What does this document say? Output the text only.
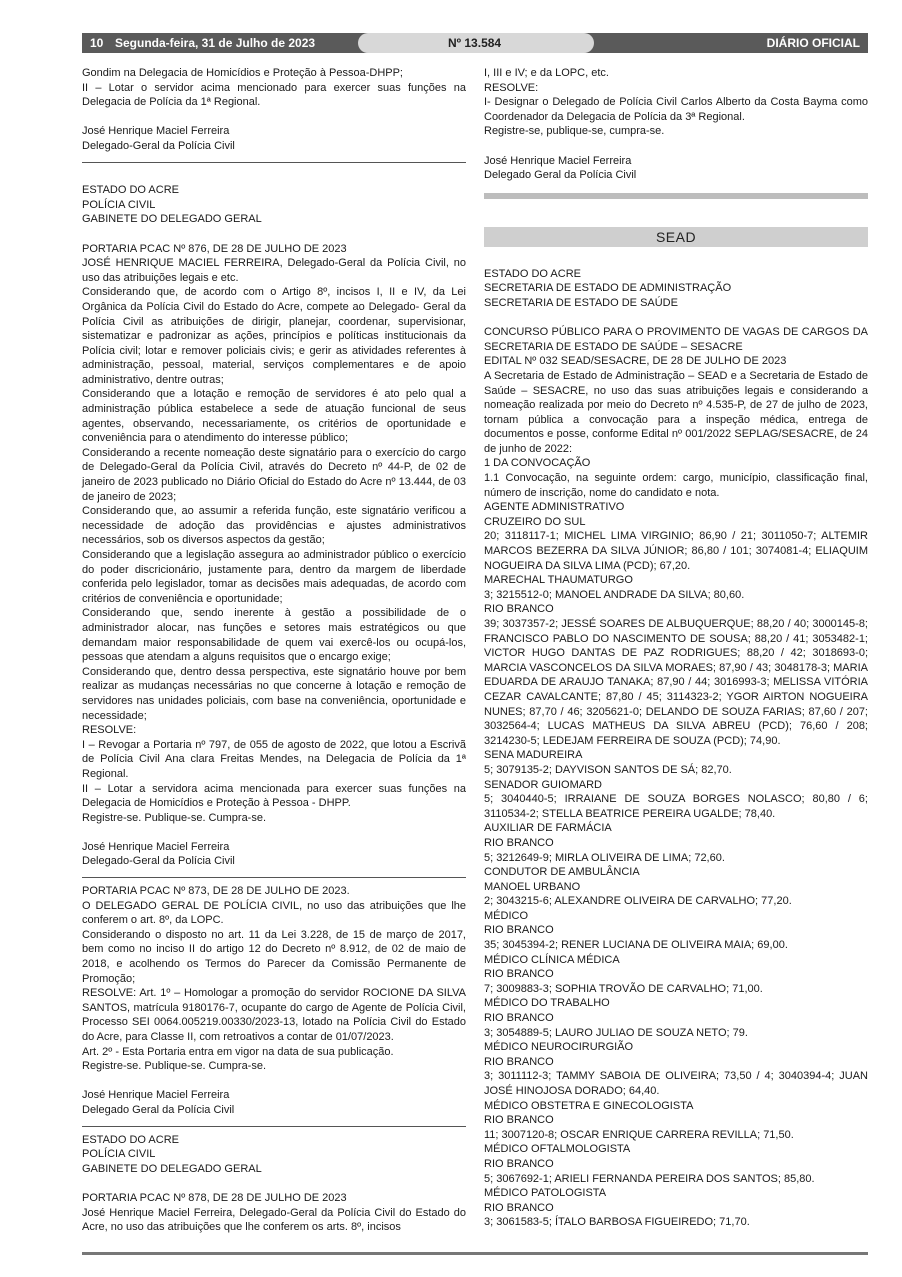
10 Segunda-feira, 31 de Julho de 2023	Nº 13.584	DIÁRIO OFICIAL

Gondim na Delegacia de Homicídios e Proteção à Pessoa-DHPP;

II – Lotar o servidor acima mencionado para exercer suas funções na Delegacia de Polícia da 1ª Regional.

José Henrique Maciel Ferreira

Delegado-Geral da Polícia Civil

ESTADO DO ACRE

POLÍCIA CIVIL

GABINETE DO DELEGADO GERAL

PORTARIA PCAC Nº 876, DE 28 DE JULHO DE 2023

JOSÉ HENRIQUE MACIEL FERREIRA, Delegado-Geral da Polícia Civil, no uso das atribuições legais e etc.

Considerando que, de acordo com o Artigo 8º, incisos I, II e IV, da Lei Orgânica da Polícia Civil do Estado do Acre, compete ao Delegado- Geral da Polícia Civil as atribuições de dirigir, planejar, coordenar, supervisionar, sistematizar e padronizar as ações, princípios e políticas institucionais da Polícia civil; lotar e remover policiais civis; e gerir as atividades referentes à administração, pessoal, material, serviços complementares e de apoio administrativo, dentre outras;

Considerando que a lotação e remoção de servidores é ato pelo qual a administração pública estabelece a sede de atuação funcional de seus agentes, observando, necessariamente, os critérios de oportunidade e conveniência para o atendimento do interesse público;

Considerando a recente nomeação deste signatário para o exercício do cargo de Delegado-Geral da Polícia Civil, através do Decreto nº 44-P, de 02 de janeiro de 2023 publicado no Diário Oficial do Estado do Acre nº 13.444, de 03 de janeiro de 2023;

Considerando que, ao assumir a referida função, este signatário verificou a necessidade de adoção das providências e ajustes administrativos necessários, sob os diversos aspectos da gestão;

Considerando que a legislação assegura ao administrador público o exercício do poder discricionário, justamente para, dentro da margem de liberdade conferida pelo legislador, tomar as decisões mais adequadas, de acordo com critérios de conveniência e oportunidade;

Considerando que, sendo inerente à gestão a possibilidade de o administrador alocar, nas funções e setores mais estratégicos ou que demandam maior responsabilidade de quem vai exercê-los ou ocupá-los, pessoas que atendam a alguns requisitos que o encargo exige;

Considerando que, dentro dessa perspectiva, este signatário houve por bem realizar as mudanças necessárias no que concerne à lotação e remoção de servidores nas unidades policiais, com base na conveniência, oportunidade e necessidade;

RESOLVE:

I – Revogar a Portaria nº 797, de 055 de agosto de 2022, que lotou a Escrivã de Polícia Civil Ana clara Freitas Mendes, na Delegacia de Polícia da 1ª Regional.

II – Lotar a servidora acima mencionada para exercer suas funções na Delegacia de Homicídios e Proteção à Pessoa - DHPP.

Registre-se. Publique-se. Cumpra-se.

José Henrique Maciel Ferreira

Delegado-Geral da Polícia Civil

PORTARIA PCAC Nº 873, DE 28 DE JULHO DE 2023.

O DELEGADO GERAL DE POLÍCIA CIVIL, no uso das atribuições que lhe conferem o art. 8º, da LOPC.

Considerando o disposto no art. 11 da Lei 3.228, de 15 de março de 2017, bem como no inciso II do artigo 12 do Decreto nº 8.912, de 02 de maio de 2018, e acolhendo os Termos do Parecer da Comissão Permanente de Promoção;

RESOLVE: Art. 1º – Homologar a promoção do servidor ROCIONE DA SILVA SANTOS, matrícula 9180176-7, ocupante do cargo de Agente de Polícia Civil, Processo SEI 0064.005219.00330/2023-13, lotado na Polícia Civil do Estado do Acre, para Classe II, com retroativos a contar de 01/07/2023.

Art. 2º - Esta Portaria entra em vigor na data de sua publicação.

Registre-se. Publique-se. Cumpra-se.

José Henrique Maciel Ferreira

Delegado Geral da Polícia Civil

ESTADO DO ACRE

POLÍCIA CIVIL

GABINETE DO DELEGADO GERAL

PORTARIA PCAC Nº 878, DE 28 DE JULHO DE 2023

José Henrique Maciel Ferreira, Delegado-Geral da Polícia Civil do Estado do Acre, no uso das atribuições que lhe conferem os arts. 8º, incisos

I, III e IV; e da LOPC, etc.

RESOLVE:

I- Designar o Delegado de Polícia Civil Carlos Alberto da Costa Bayma como Coordenador da Delegacia de Polícia da 3ª Regional.

Registre-se, publique-se, cumpra-se.

José Henrique Maciel Ferreira

Delegado Geral da Polícia Civil

SEAD

ESTADO DO ACRE

SECRETARIA DE ESTADO DE ADMINISTRAÇÃO

SECRETARIA DE ESTADO DE SAÚDE

CONCURSO PÚBLICO PARA O PROVIMENTO DE VAGAS DE CARGOS DA SECRETARIA DE ESTADO DE SAÚDE – SESACRE

EDITAL Nº 032 SEAD/SESACRE, DE 28 DE JULHO DE 2023

A Secretaria de Estado de Administração – SEAD e a Secretaria de Estado de Saúde – SESACRE, no uso das suas atribuições legais e considerando a nomeação realizada por meio do Decreto nº 4.535-P, de 27 de julho de 2023, tornam pública a convocação para a inspeção médica, entrega de documentos e posse, conforme Edital nº 001/2022 SEPLAG/SESACRE, de 24 de junho de 2022:

1 DA CONVOCAÇÃO

1.1 Convocação, na seguinte ordem: cargo, município, classificação final, número de inscrição, nome do candidato e nota.

AGENTE ADMINISTRATIVO

CRUZEIRO DO SUL

20; 3118117-1; MICHEL LIMA VIRGINIO; 86,90 / 21; 3011050-7; ALTEMIR MARCOS BEZERRA DA SILVA JÚNIOR; 86,80 / 101; 3074081-4; ELIAQUIM NOGUEIRA DA SILVA LIMA (PCD); 67,20.

MARECHAL THAUMATURGO

3; 3215512-0; MANOEL ANDRADE DA SILVA; 80,60.

RIO BRANCO

39; 3037357-2; JESSÉ SOARES DE ALBUQUERQUE; 88,20 / 40; 3000145-8; FRANCISCO PABLO DO NASCIMENTO DE SOUSA; 88,20 / 41; 3053482-1; VICTOR HUGO DANTAS DE PAZ RODRIGUES; 88,20 / 42; 3018693-0; MARCIA VASCONCELOS DA SILVA MORAES; 87,90 / 43; 3048178-3; MARIA EDUARDA DE ARAUJO TANAKA; 87,90 / 44; 3016993-3; MELISSA VITÓRIA CEZAR CAVALCANTE; 87,80 / 45; 3114323-2; YGOR AIRTON NOGUEIRA NUNES; 87,70 / 46; 3205621-0; DELANDO DE SOUZA FARIAS; 87,60 / 207; 3032564-4; LUCAS MATHEUS DA SILVA ABREU (PCD); 76,60 / 208; 3214230-5; LEDEJAM FERREIRA DE SOUZA (PCD); 74,90.

SENA MADUREIRA

5; 3079135-2; DAYVISON SANTOS DE SÁ; 82,70.

SENADOR GUIOMARD

5; 3040440-5; IRRAIANE DE SOUZA BORGES NOLASCO; 80,80 / 6; 3110534-2; STELLA BEATRICE PEREIRA UGALDE; 78,40.

AUXILIAR DE FARMÁCIA

RIO BRANCO

5; 3212649-9; MIRLA OLIVEIRA DE LIMA; 72,60.

CONDUTOR DE AMBULÂNCIA

MANOEL URBANO

2; 3043215-6; ALEXANDRE OLIVEIRA DE CARVALHO; 77,20.

MÉDICO

RIO BRANCO

35; 3045394-2; RENER LUCIANA DE OLIVEIRA MAIA; 69,00.

MÉDICO CLÍNICA MÉDICA

RIO BRANCO

7; 3009883-3; SOPHIA TROVÃO DE CARVALHO; 71,00.

MÉDICO DO TRABALHO

RIO BRANCO

3; 3054889-5; LAURO JULIAO DE SOUZA NETO; 79.

MÉDICO NEUROCIRURGIÃO

RIO BRANCO

3; 3011112-3; TAMMY SABOIA DE OLIVEIRA; 73,50 / 4; 3040394-4; JUAN JOSÉ HINOJOSA DORADO; 64,40.

MÉDICO OBSTETRA E GINECOLOGISTA

RIO BRANCO

11; 3007120-8; OSCAR ENRIQUE CARRERA REVILLA; 71,50.

MÉDICO OFTALMOLOGISTA

RIO BRANCO

5; 3067692-1; ARIELI FERNANDA PEREIRA DOS SANTOS; 85,80.

MÉDICO PATOLOGISTA

RIO BRANCO

3; 3061583-5; ÍTALO BARBOSA FIGUEIREDO; 71,70.
